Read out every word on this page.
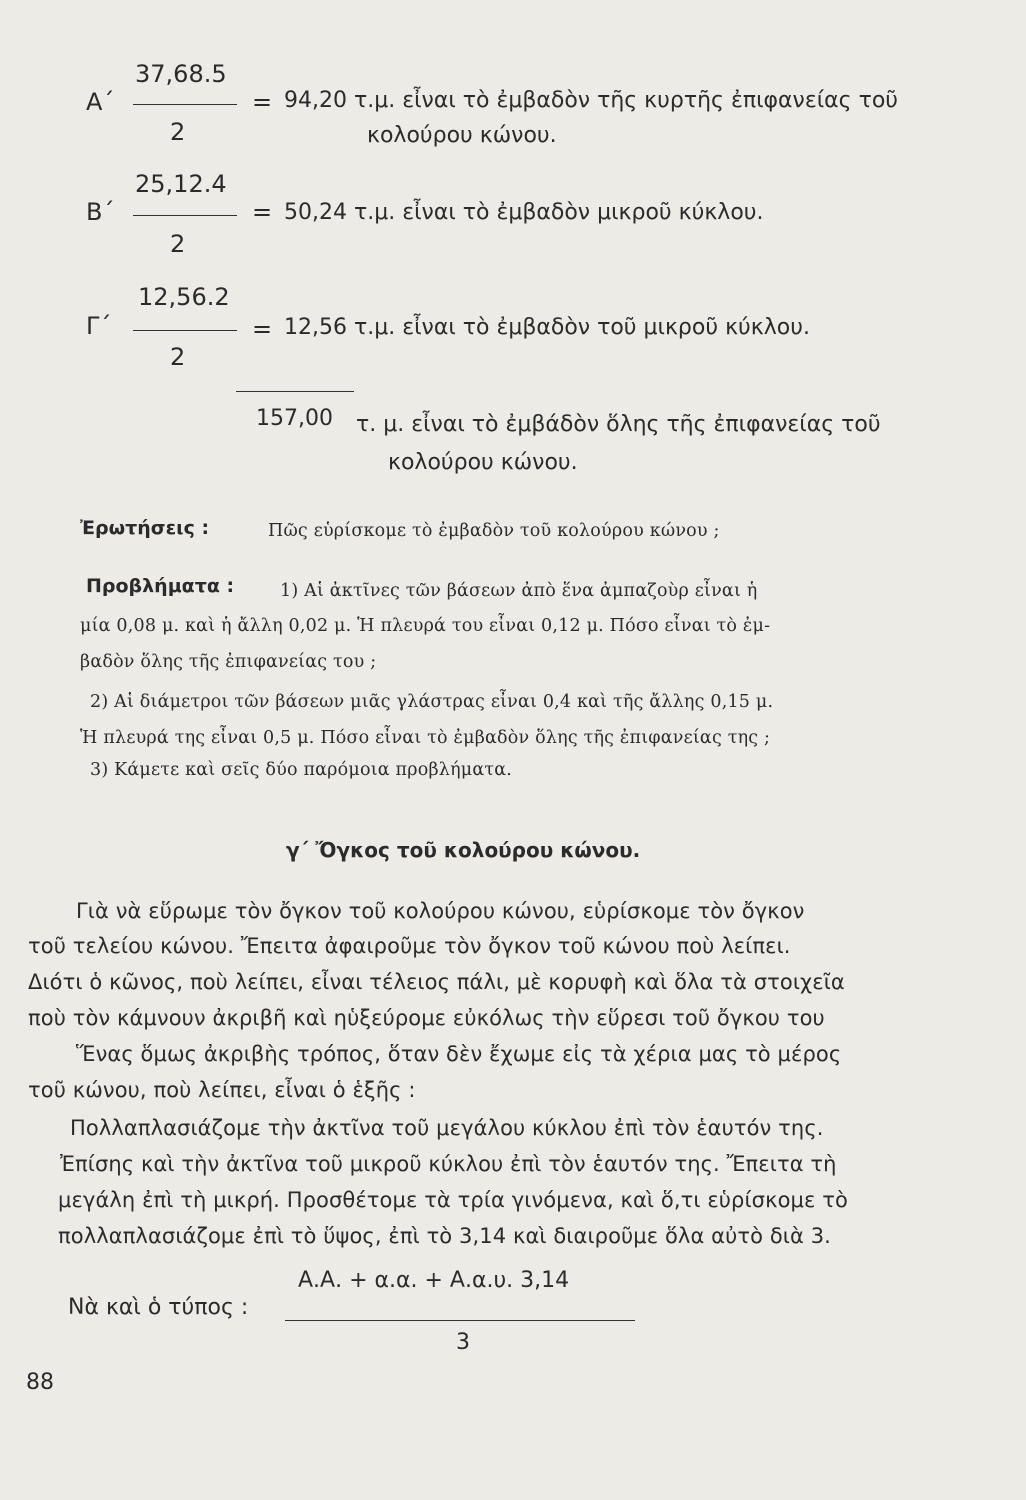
37,68.5
Α΄	=
2
94,20 τ.μ. εἶναι τὸ ἐμβαδὸν τῆς κυρτῆς ἐπιφανείας τοῦ
κολούρου κώνου.
25,12.4
Β΄	=
2
50,24 τ.μ. εἶναι τὸ ἐμβαδὸν μικροῦ κύκλου.
12,56.2
Γ΄	=
2
12,56 τ.μ. εἶναι τὸ ἐμβαδὸν τοῦ μικροῦ κύκλου.
157,00 τ. μ. εἶναι τὸ ἐμβάδὸν ὅλης τῆς ἐπιφανείας τοῦ
κολούρου κώνου.
Ἐρωτήσεις :	Πῶς εὑρίσκομε τὸ ἐμβαδὸν τοῦ κολούρου κώνου ;
Προβλήματα :	1) Αἱ ἀκτῖνες τῶν βάσεων ἀπὸ ἕνα ἀμπαζοὺρ εἶναι ἡ
μία 0,08 μ. καὶ ἡ ἄλλη 0,02 μ. Ἡ πλευρά του εἶναι 0,12 μ. Πόσο εἶναι τὸ ἐμ-
βαδὸν ὅλης τῆς ἐπιφανείας του ;
2) Αἱ διάμετροι τῶν βάσεων μιᾶς γλάστρας εἶναι 0,4 καὶ τῆς ἄλλης 0,15 μ.
Ἡ πλευρά της εἶναι 0,5 μ. Πόσο εἶναι τὸ ἐμβαδὸν ὅλης τῆς ἐπιφανείας της ;
3) Κάμετε καὶ σεῖς δύο παρόμοια προβλήματα.
γ΄ Ὄγκος τοῦ κολούρου κώνου.
Γιὰ νὰ εὕρωμε τὸν ὄγκον τοῦ κολούρου κώνου, εὑρίσκομε τὸν ὄγκον
τοῦ τελείου κώνου. Ἔπειτα ἀφαιροῦμε τὸν ὄγκον τοῦ κώνου ποὺ λείπει.
Διότι ὁ κῶνος, ποὺ λείπει, εἶναι τέλειος πάλι, μὲ κορυφὴ καὶ ὅλα τὰ στοιχεῖα
ποὺ τὸν κάμνουν ἀκριβῆ καὶ ηὑξεύρομε εὐκόλως τὴν εὕρεσι τοῦ ὄγκου του
Ἕνας ὅμως ἀκριβὴς τρόπος, ὅταν δὲν ἔχωμε εἰς τὰ χέρια μας τὸ μέρος
τοῦ κώνου, ποὺ λείπει, εἶναι ὁ ἑξῆς :
Πολλαπλασιάζομε τὴν ἀκτῖνα τοῦ μεγάλου κύκλου ἐπὶ τὸν ἑαυτόν της.
Ἐπίσης καὶ τὴν ἀκτῖνα τοῦ μικροῦ κύκλου ἐπὶ τὸν ἑαυτόν της. Ἔπειτα τὴ
μεγάλη ἐπὶ τὴ μικρή. Προσθέτομε τὰ τρία γινόμενα, καὶ ὅ,τι εὑρίσκομε τὸ
πολλαπλασιάζομε ἐπὶ τὸ ὕψος, ἐπὶ τὸ 3,14 καὶ διαιροῦμε ὅλα αὐτὸ διὰ 3.
Α.Α. + α.α. + Α.α.υ. 3,14
Νὰ καὶ ὁ τύπος :
3
88
